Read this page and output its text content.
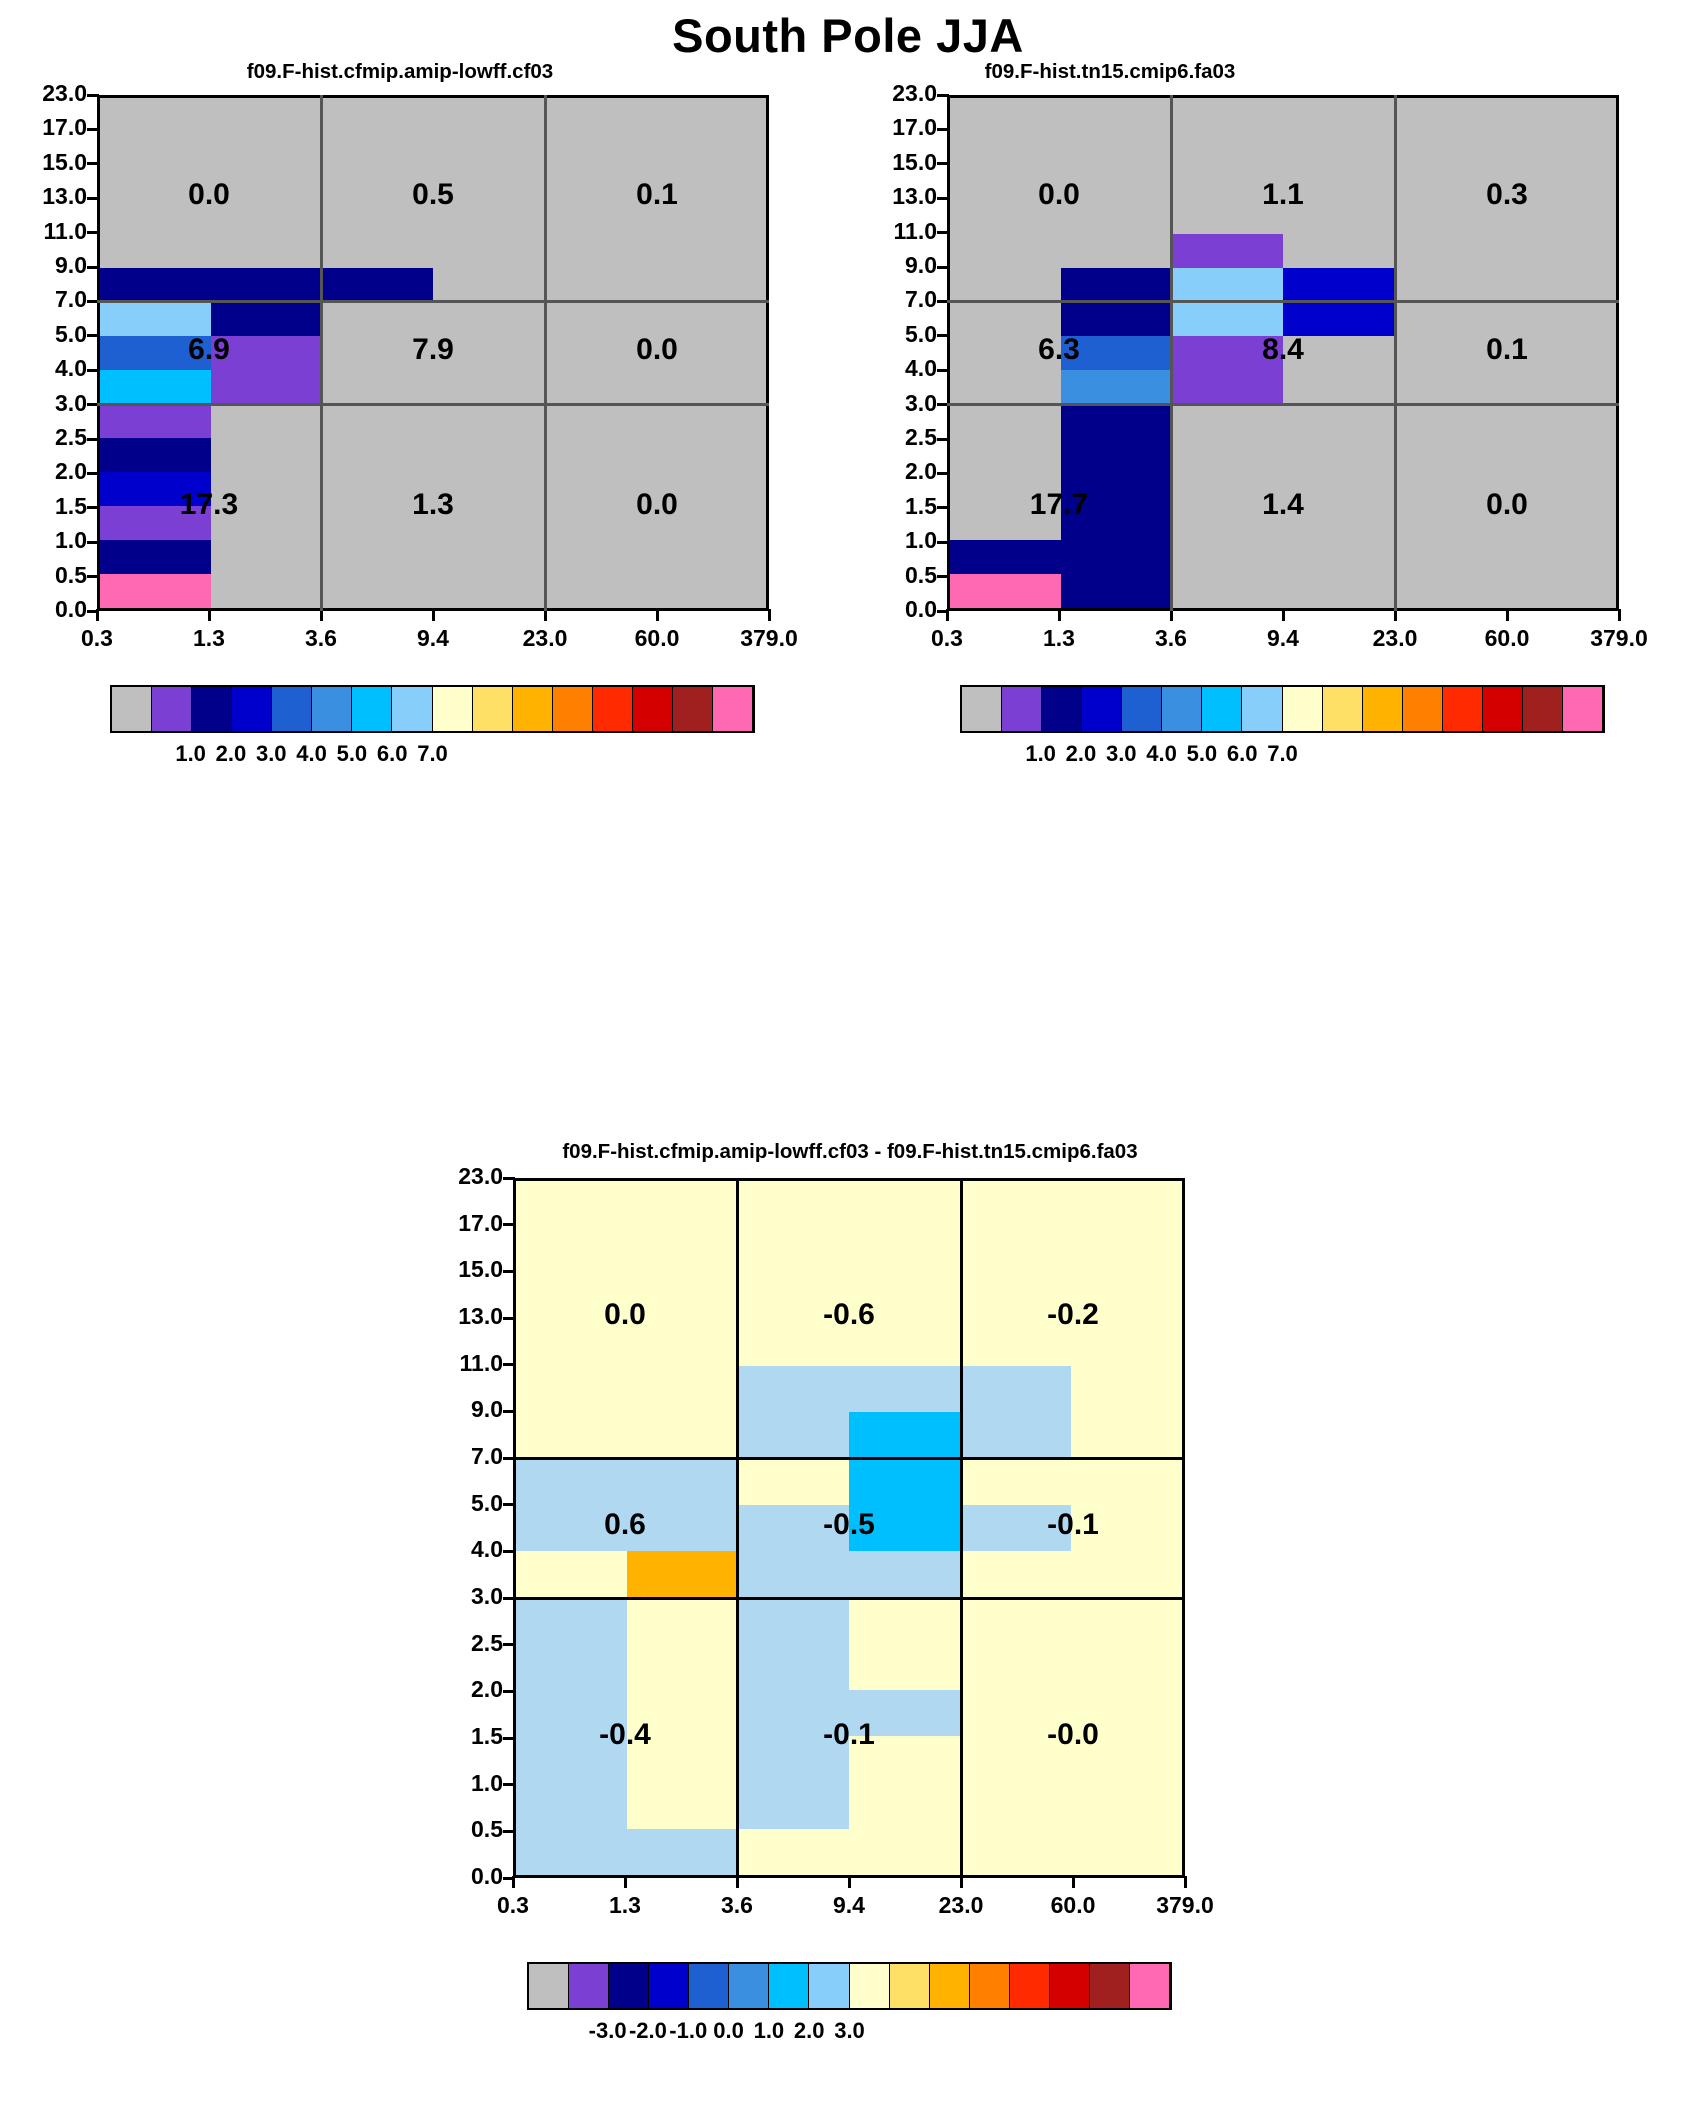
South Pole JJA
f09.F-hist.cfmip.amip-lowff.cf03
23.0
17.0
15.0
13.0
11.0
9.0
7.0
5.0
4.0
3.0
2.5
2.0
1.5
1.0
0.5
0.0
0.3	1.3	3.6	9.4	23.0	60.0	379.0
0.0	0.5	0.1
6.9	7.9	0.0
17.3	1.3	0.0
1.0 2.0 3.0 4.0 5.0 6.0 7.0
f09.F-hist.tn15.cmip6.fa03
23.0
17.0
15.0
13.0
11.0
9.0
7.0
5.0
4.0
3.0
2.5
2.0
1.5
1.0
0.5
0.0
0.3	1.3	3.6	9.4	23.0	60.0	379.0
0.0	1.1	0.3
6.3	8.4	0.1
17.7	1.4	0.0
1.0 2.0 3.0 4.0 5.0 6.0 7.0
f09.F-hist.cfmip.amip-lowff.cf03 - f09.F-hist.tn15.cmip6.fa03
23.0
17.0
15.0
13.0
11.0
9.0
7.0
5.0
4.0
3.0
2.5
2.0
1.5
1.0
0.5
0.0
0.3	1.3	3.6	9.4	23.0	60.0	379.0
0.0	-0.6	-0.2
0.6	-0.5	-0.1
-0.4	-0.1	-0.0
-3.0 -2.0 -1.0 0.0 1.0 2.0 3.0
